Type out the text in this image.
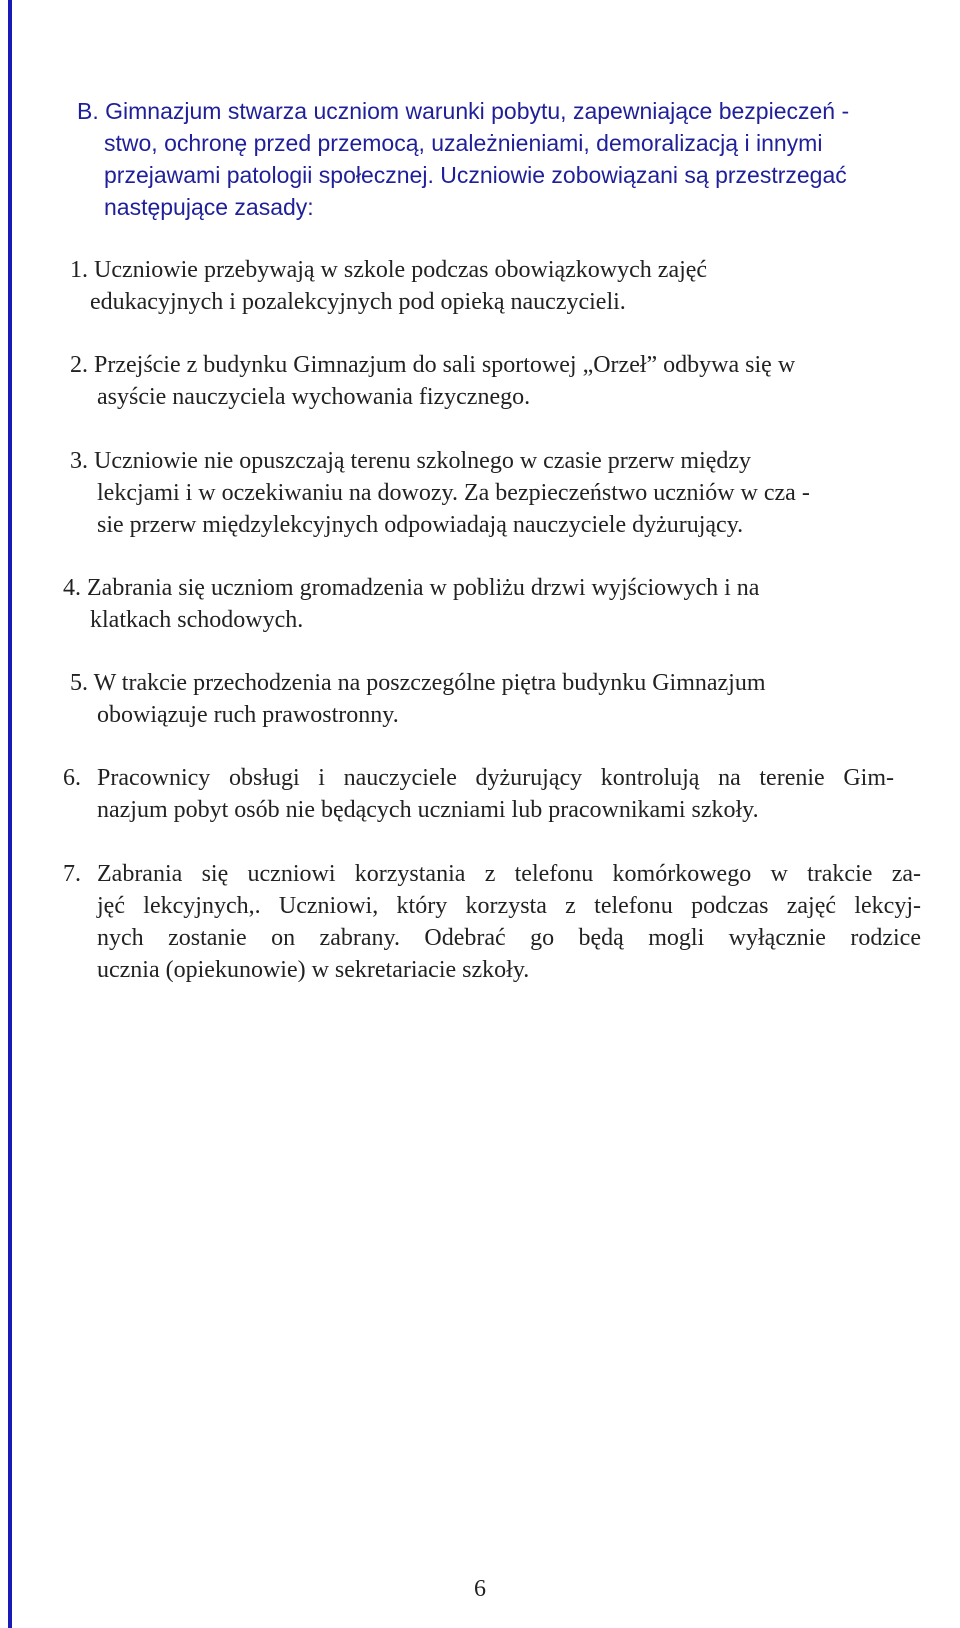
B. Gimnazjum stwarza uczniom warunki pobytu, zapewniające bezpieczeń -
stwo, ochronę przed przemocą, uzależnieniami, demoralizacją i innymi
przejawami patologii społecznej. Uczniowie zobowiązani są przestrzegać
następujące zasady:
1. Uczniowie przebywają w szkole podczas obowiązkowych zajęć
edukacyjnych i pozalekcyjnych pod opieką nauczycieli.
2. Przejście z budynku Gimnazjum do sali sportowej „Orzeł” odbywa się w
asyście nauczyciela wychowania fizycznego.
3. Uczniowie nie opuszczają terenu szkolnego w czasie przerw między
lekcjami i w oczekiwaniu na dowozy. Za bezpieczeństwo uczniów w cza -
sie przerw międzylekcyjnych odpowiadają nauczyciele dyżurujący.
4. Zabrania się uczniom gromadzenia w pobliżu drzwi wyjściowych i na
klatkach schodowych.
5. W trakcie przechodzenia na poszczególne piętra budynku Gimnazjum
obowiązuje ruch prawostronny.
6. Pracownicy obsługi i nauczyciele dyżurujący kontrolują na terenie Gim-
nazjum pobyt osób nie będących uczniami lub pracownikami szkoły.
7. Zabrania się uczniowi korzystania z telefonu komórkowego w trakcie za-
jęć lekcyjnych,. Uczniowi, który korzysta z telefonu podczas zajęć lekcyj-
nych zostanie on zabrany. Odebrać go będą mogli wyłącznie rodzice
ucznia (opiekunowie) w sekretariacie szkoły.
6
